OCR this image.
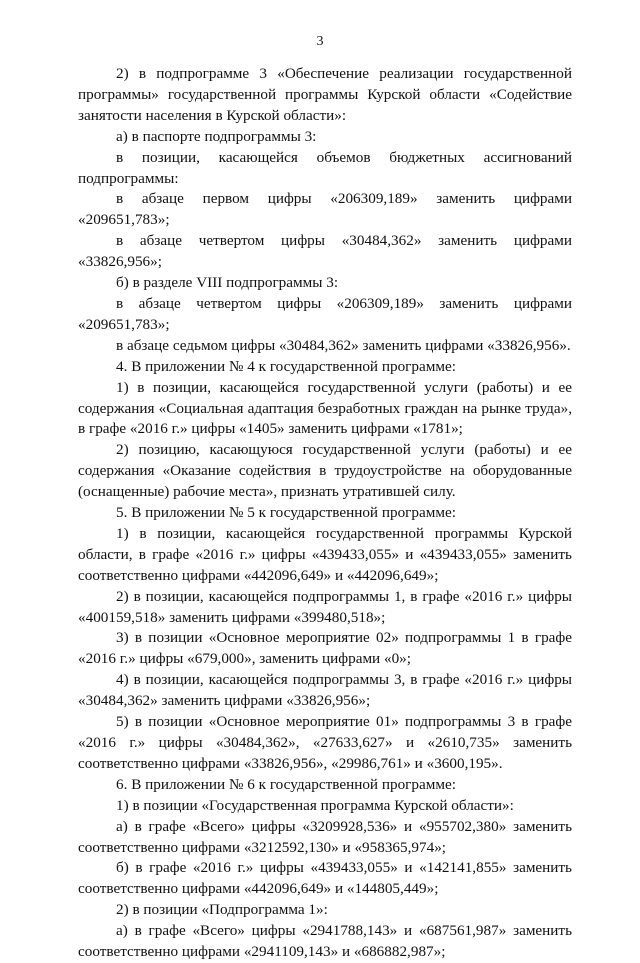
3

2) в подпрограмме 3 «Обеспечение реализации государственной программы» государственной программы Курской области «Содействие занятости населения в Курской области»:

а) в паспорте подпрограммы 3:

в позиции, касающейся объемов бюджетных ассигнований подпрограммы:

в абзаце первом цифры «206309,189» заменить цифрами «209651,783»;

в абзаце четвертом цифры «30484,362» заменить цифрами «33826,956»;

б) в разделе VIII подпрограммы 3:

в абзаце четвертом цифры «206309,189» заменить цифрами «209651,783»;

в абзаце седьмом цифры «30484,362» заменить цифрами «33826,956».

4. В приложении № 4 к государственной программе:

1) в позиции, касающейся государственной услуги (работы) и ее содержания «Социальная адаптация безработных граждан на рынке труда», в графе «2016 г.» цифры «1405» заменить цифрами «1781»;

2) позицию, касающуюся государственной услуги (работы) и ее содержания «Оказание содействия в трудоустройстве на оборудованные (оснащенные) рабочие места», признать утратившей силу.

5. В приложении № 5 к государственной программе:

1) в позиции, касающейся государственной программы Курской области, в графе «2016 г.» цифры «439433,055» и «439433,055» заменить соответственно цифрами «442096,649» и «442096,649»;

2) в позиции, касающейся подпрограммы 1, в графе «2016 г.» цифры «400159,518» заменить цифрами «399480,518»;

3) в позиции «Основное мероприятие 02» подпрограммы 1 в графе «2016 г.» цифры «679,000», заменить цифрами «0»;

4) в позиции, касающейся подпрограммы 3, в графе «2016 г.» цифры «30484,362» заменить цифрами «33826,956»;

5) в позиции «Основное мероприятие 01» подпрограммы 3 в графе «2016 г.» цифры «30484,362», «27633,627» и «2610,735» заменить соответственно цифрами «33826,956», «29986,761» и «3600,195».

6. В приложении № 6 к государственной программе:

1) в позиции «Государственная программа Курской области»:

а) в графе «Всего» цифры «3209928,536» и «955702,380» заменить соответственно цифрами «3212592,130» и «958365,974»;

б) в графе «2016 г.» цифры «439433,055» и «142141,855» заменить соответственно цифрами «442096,649» и «144805,449»;

2) в позиции «Подпрограмма 1»:

а) в графе «Всего» цифры «2941788,143» и «687561,987» заменить соответственно цифрами «2941109,143» и «686882,987»;
